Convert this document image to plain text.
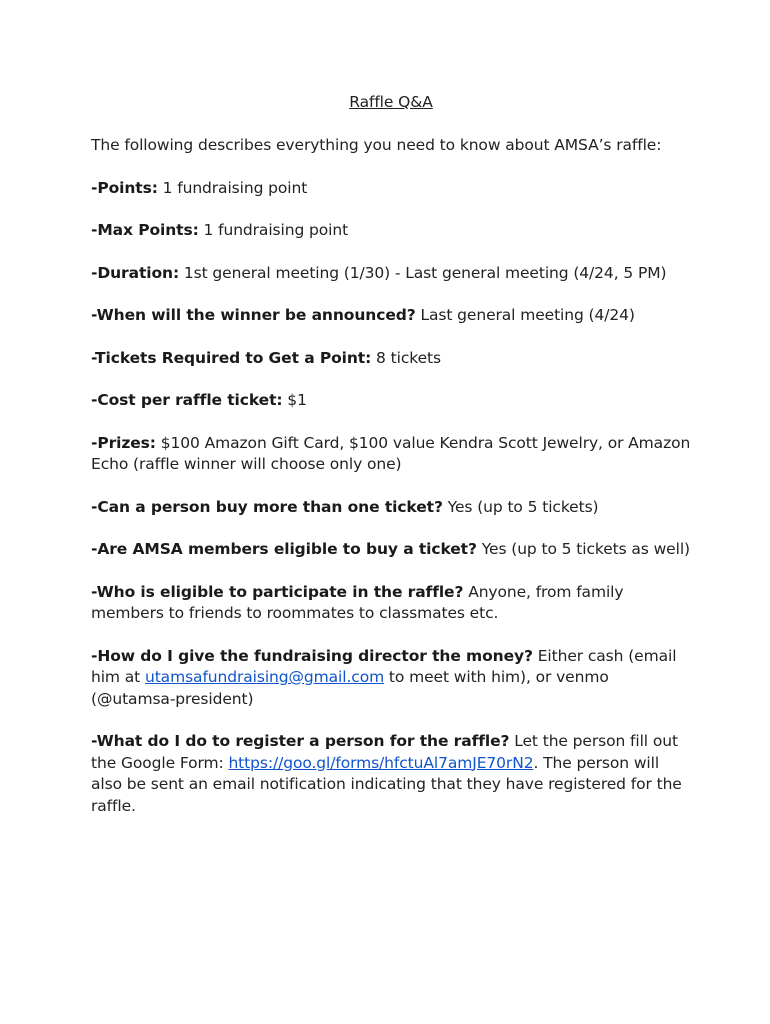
Raffle Q&A

The following describes everything you need to know about AMSA’s raffle:

-Points: 1 fundraising point

-Max Points: 1 fundraising point

-Duration: 1st general meeting (1/30) - Last general meeting (4/24, 5 PM)

-When will the winner be announced? Last general meeting (4/24)

-Tickets Required to Get a Point: 8 tickets

-Cost per raffle ticket: $1

-Prizes: $100 Amazon Gift Card, $100 value Kendra Scott Jewelry, or Amazon Echo (raffle winner will choose only one)

-Can a person buy more than one ticket? Yes (up to 5 tickets)

-Are AMSA members eligible to buy a ticket? Yes (up to 5 tickets as well)

-Who is eligible to participate in the raffle? Anyone, from family members to friends to roommates to classmates etc.

-How do I give the fundraising director the money? Either cash (email him at utamsafundraising@gmail.com to meet with him), or venmo (@utamsa-president)

-What do I do to register a person for the raffle? Let the person fill out the Google Form: https://goo.gl/forms/hfctuAl7amJE70rN2. The person will also be sent an email notification indicating that they have registered for the raffle.
